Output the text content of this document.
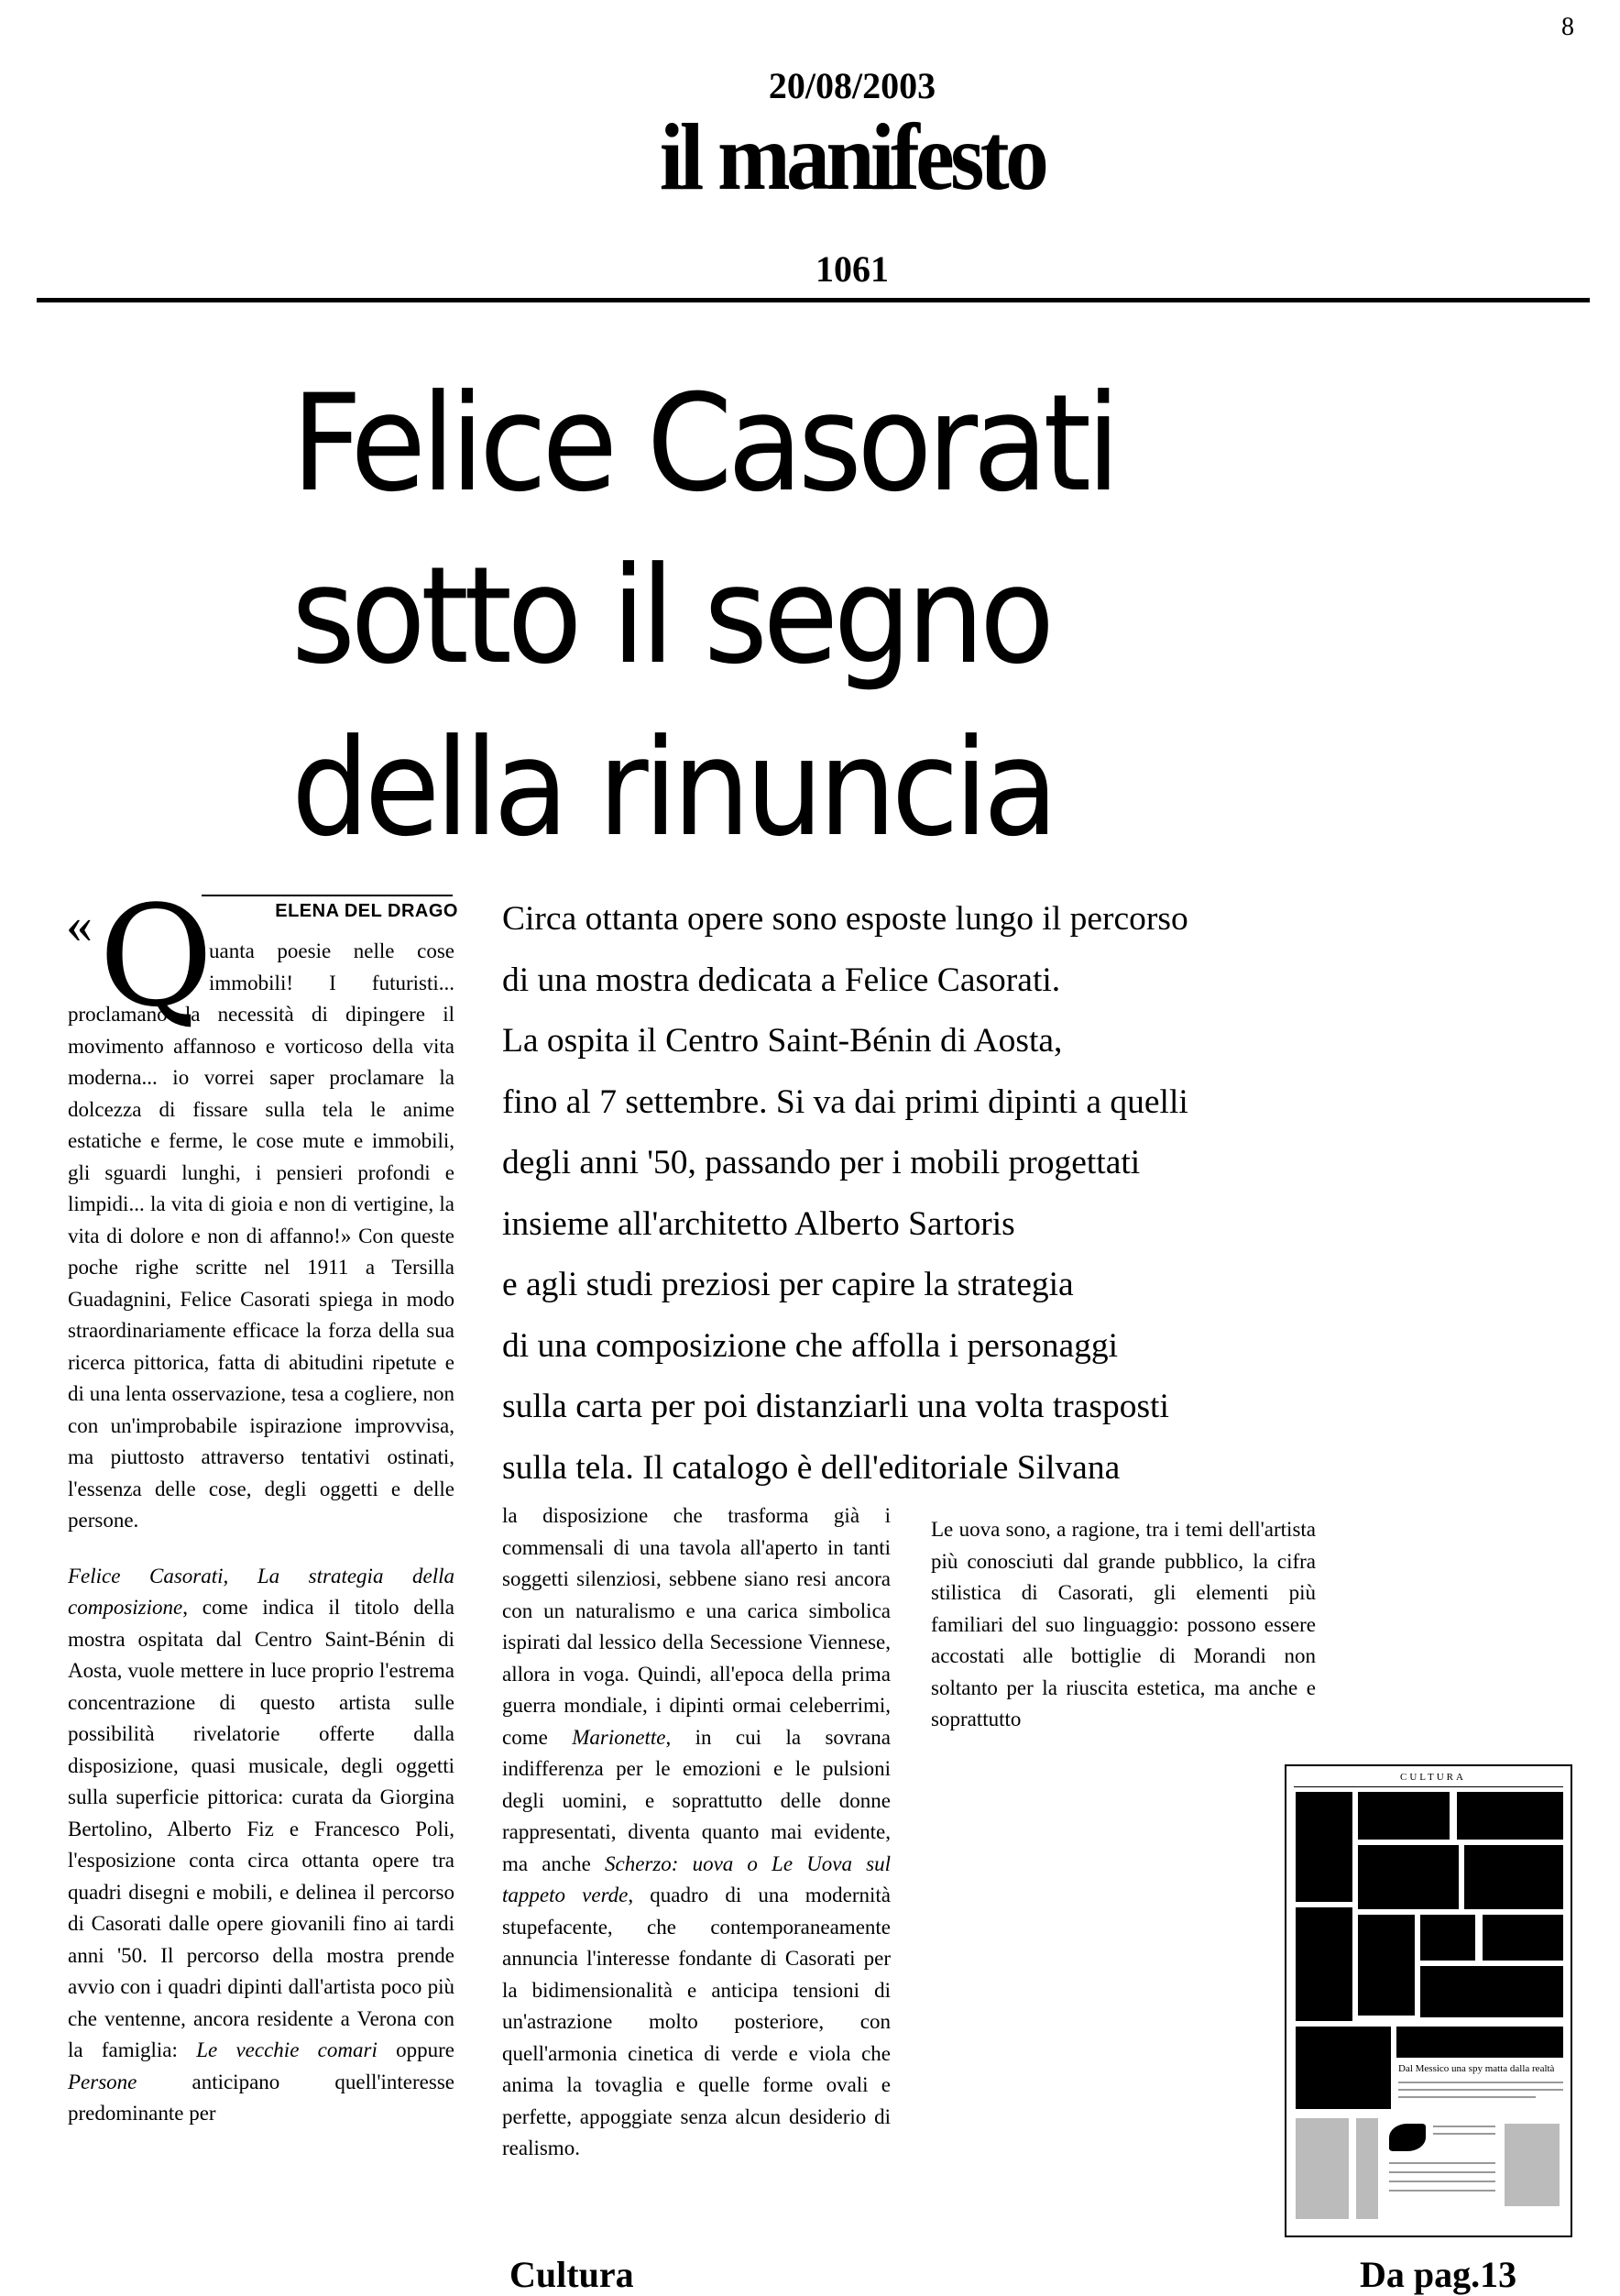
8
20/08/2003
il manifesto
1061
Felice Casorati
sotto il segno
della rinuncia
ELENA DEL DRAGO
« Q
uanta poesie nelle cose
immobili! I futuristi...

proclamano la necessità di dipingere il movimento affannoso e vorticoso della vita moderna... io vorrei saper proclamare la dolcezza di fissare sulla tela le anime estatiche e ferme, le cose mute e immobili, gli sguardi lunghi, i pensieri profondi e limpidi... la vita di gioia e non di vertigine, la vita di dolore e non di affanno!» Con queste poche righe scritte nel 1911 a Tersilla Guadagnini, Felice Casorati spiega in modo straordinariamente efficace la forza della sua ricerca pittorica, fatta di abitudini ripetute e di una lenta osservazione, tesa a cogliere, non con un'improbabile ispirazione improvvisa, ma piuttosto attraverso tentativi ostinati, l'essenza delle cose, degli oggetti e delle persone.

Felice Casorati, La strategia della composizione, come indica il titolo della mostra ospitata dal Centro Saint-Bénin di Aosta, vuole mettere in luce proprio l'estrema concentrazione di questo artista sulle possibilità rivelatorie offerte dalla disposizione, quasi musicale, degli oggetti sulla superficie pittorica: curata da Giorgina Bertolino, Alberto Fiz e Francesco Poli, l'esposizione conta circa ottanta opere tra quadri disegni e mobili, e delinea il percorso di Casorati dalle opere giovanili fino ai tardi anni '50. Il percorso della mostra prende avvio con i quadri dipinti dall'artista poco più che ventenne, ancora residente a Verona con la famiglia: Le vecchie comari oppure Persone anticipano quell'interesse predominante per

Circa ottanta opere sono esposte lungo il percorso
di una mostra dedicata a Felice Casorati.
La ospita il Centro Saint-Bénin di Aosta,
fino al 7 settembre. Si va dai primi dipinti a quelli
degli anni '50, passando per i mobili progettati
insieme all'architetto Alberto Sartoris
e agli studi preziosi per capire la strategia
di una composizione che affolla i personaggi
sulla carta per poi distanziarli una volta trasposti
sulla tela. Il catalogo è dell'editoriale Silvana
la disposizione che trasforma già i commensali di una tavola all'aperto in tanti soggetti silenziosi, sebbene siano resi ancora con un naturalismo e una carica simbolica ispirati dal lessico della Secessione Viennese, allora in voga. Quindi, all'epoca della prima guerra mondiale, i dipinti ormai celeberrimi, come Marionette, in cui la sovrana indifferenza per le emozioni e le pulsioni degli uomini, e soprattutto delle donne rappresentati, diventa quanto mai evidente, ma anche Scherzo: uova o Le Uova sul tappeto verde, quadro di una modernità stupefacente, che contemporaneamente annuncia l'interesse fondante di Casorati per la bidimensionalità e anticipa tensioni di un'astrazione molto posteriore, con quell'armonia cinetica di verde e viola che anima la tovaglia e quelle forme ovali e perfette, appoggiate senza alcun desiderio di realismo.
Le uova sono, a ragione, tra i temi dell'artista più conosciuti dal grande pubblico, la cifra stilistica di Casorati, gli elementi più familiari del suo linguaggio: possono essere accostati alle bottiglie di Morandi non soltanto per la riuscita estetica, ma anche e soprattutto
CULTURA
Dal Messico una spy matta dalla realtà
Cultura	Da pag.13
